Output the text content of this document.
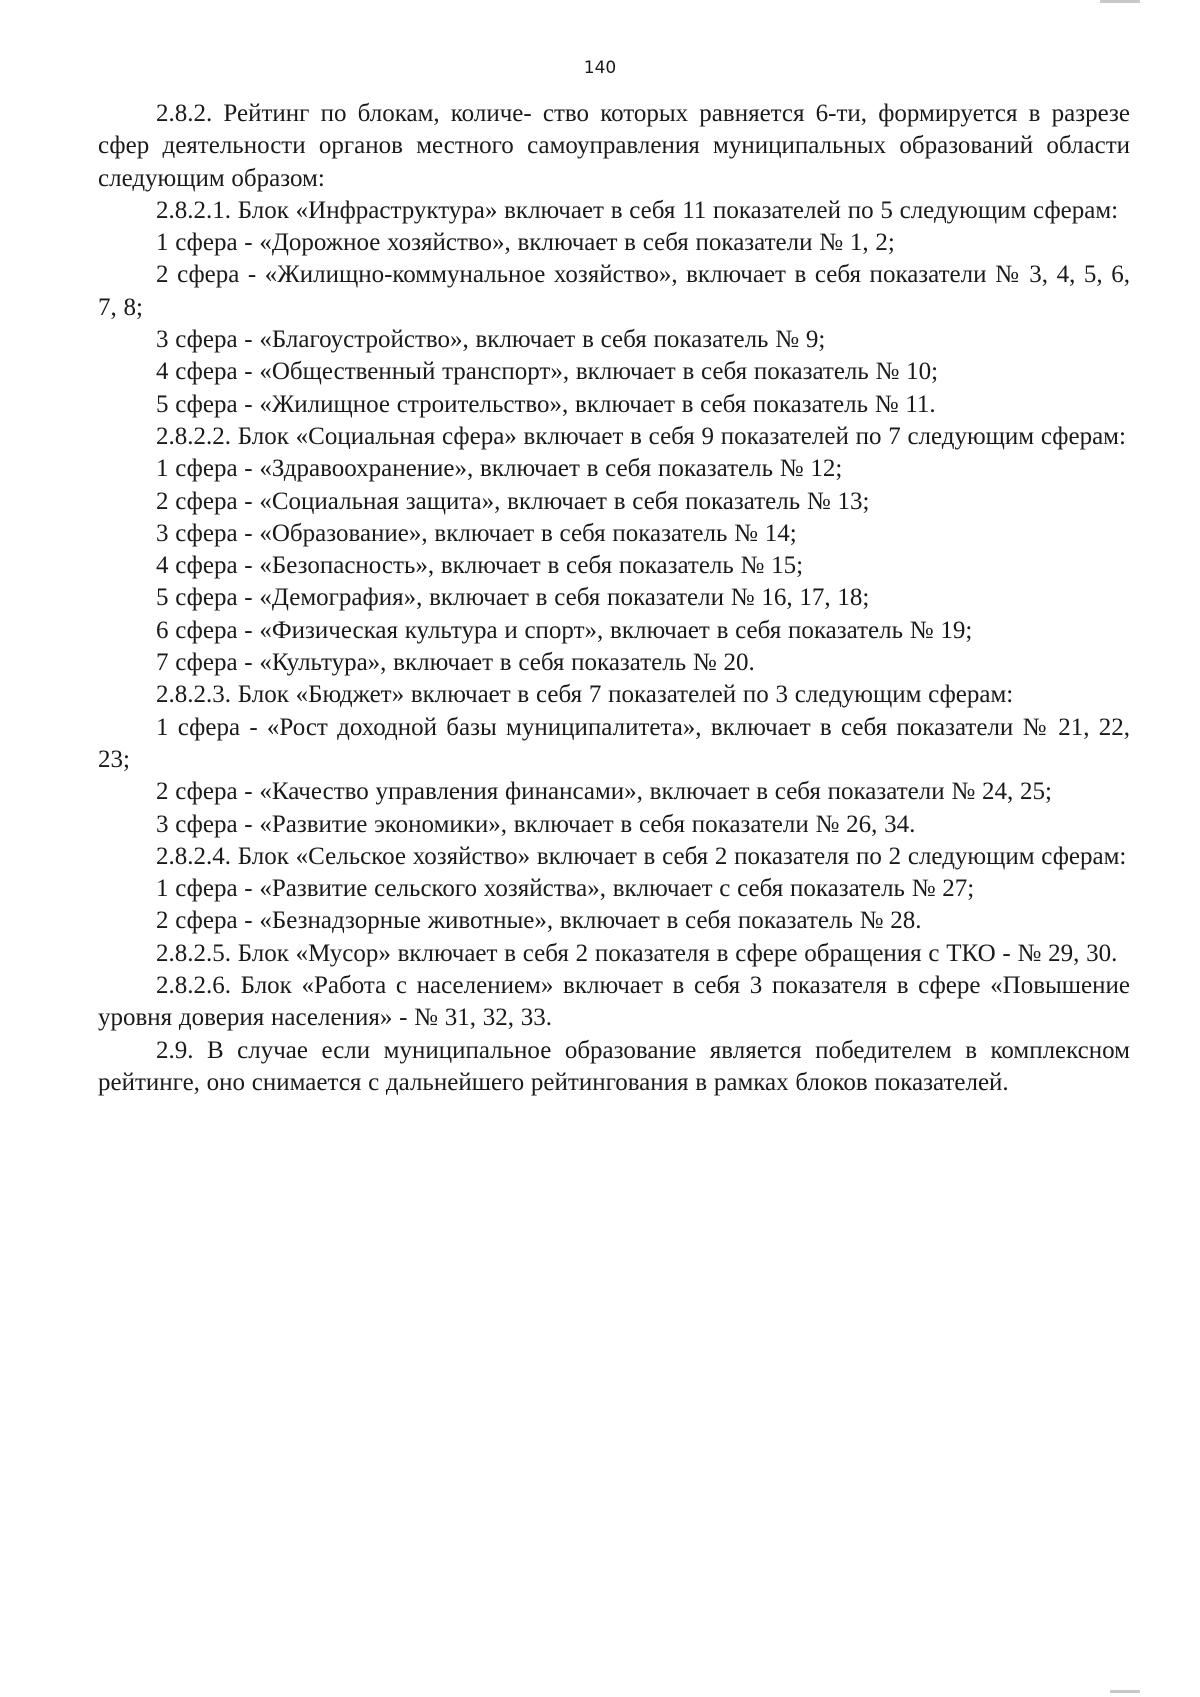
140

2.8.2. Рейтинг по блокам, количе- ство которых равняется 6-ти, формируется в разрезе сфер деятельности органов местного самоуправления муниципальных образований области следующим образом:

2.8.2.1. Блок «Инфраструктура» включает в себя 11 показателей по 5 следующим сферам:

1 сфера - «Дорожное хозяйство», включает в себя показатели № 1, 2;

2 сфера - «Жилищно-коммунальное хозяйство», включает в себя показатели № 3, 4, 5, 6, 7, 8;

3 сфера - «Благоустройство», включает в себя показатель № 9;

4 сфера - «Общественный транспорт», включает в себя показатель № 10;

5 сфера - «Жилищное строительство», включает в себя показатель № 11.

2.8.2.2. Блок «Социальная сфера» включает в себя 9 показателей по 7 следующим сферам:

1 сфера - «Здравоохранение», включает в себя показатель № 12;

2 сфера - «Социальная защита», включает в себя показатель № 13;

3 сфера - «Образование», включает в себя показатель № 14;

4 сфера - «Безопасность», включает в себя показатель № 15;

5 сфера - «Демография», включает в себя показатели № 16, 17, 18;

6 сфера - «Физическая культура и спорт», включает в себя показатель № 19;

7 сфера - «Культура», включает в себя показатель № 20.

2.8.2.3. Блок «Бюджет» включает в себя 7 показателей по 3 следующим сферам:

1 сфера - «Рост доходной базы муниципалитета», включает в себя показатели № 21, 22, 23;

2 сфера - «Качество управления финансами», включает в себя показатели № 24, 25;

3 сфера - «Развитие экономики», включает в себя показатели № 26, 34.

2.8.2.4. Блок «Сельское хозяйство» включает в себя 2 показателя по 2 следующим сферам:

1 сфера - «Развитие сельского хозяйства», включает с себя показатель № 27;

2 сфера - «Безнадзорные животные», включает в себя показатель № 28.

2.8.2.5. Блок «Мусор» включает в себя 2 показателя в сфере обращения с ТКО - № 29, 30.

2.8.2.6. Блок «Работа с населением» включает в себя 3 показателя в сфере «Повышение уровня доверия населения» - № 31, 32, 33.

2.9. В случае если муниципальное образование является победителем в комплексном рейтинге, оно снимается с дальнейшего рейтингования в рамках блоков показателей.
